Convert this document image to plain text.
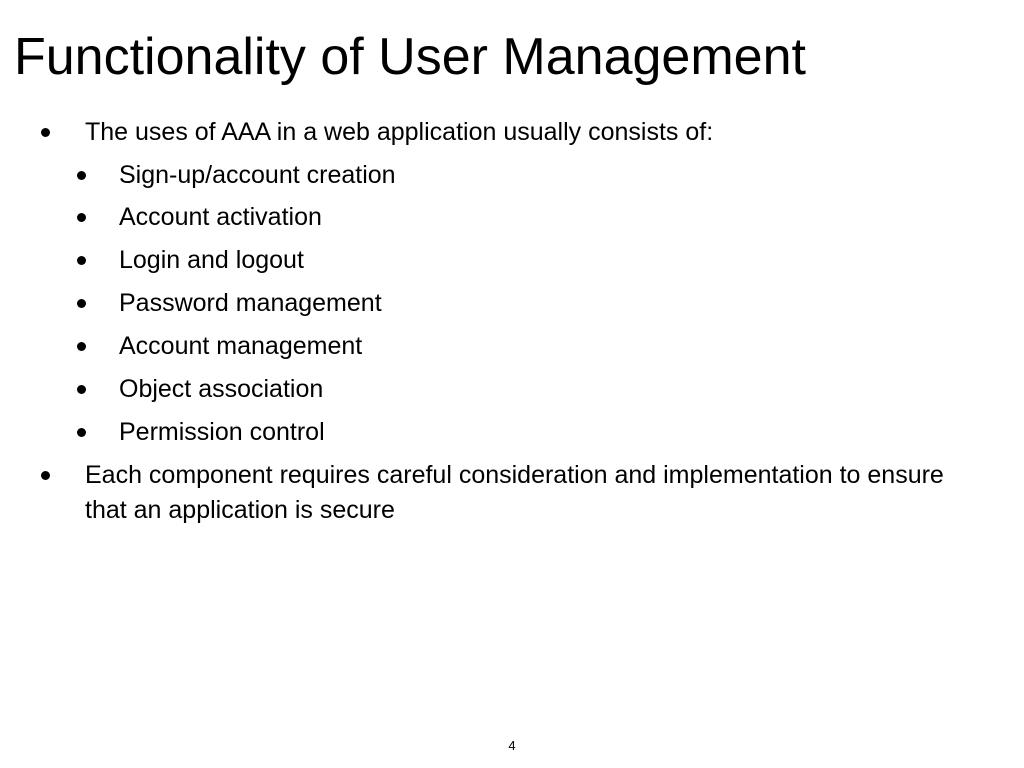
Functionality of User Management
The uses of AAA in a web application usually consists of:
Sign-up/account creation
Account activation
Login and logout
Password management
Account management
Object association
Permission control
Each component requires careful consideration and implementation to ensure that an application is secure
4
